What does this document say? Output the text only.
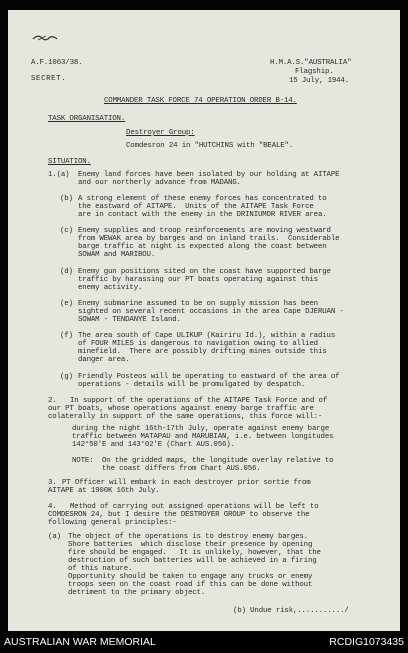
A.F.1063/38.
SECRET.
H.M.A.S."AUSTRALIA"
Flagship.
15 July, 1944.
COMMANDER TASK FORCE 74 OPERATION ORDER B-14.
TASK ORGANISATION.
Destroyer Group:
Comdesron 24 in "HUTCHINS with "BEALE".
SITUATION.
1.(a) Enemy land forces have been isolated by our holding at AITAPE
and our northerly advance from MADANG.
(b) A strong element of these enemy forces has concentrated to
the eastward of AITAPE.  Units of the AITAPE Task Force
are in contact with the enemy in the DRINIUMOR RIVER area.
(c) Enemy supplies and troop reinforcements are moving westward
from WEWAK area by barges and on inland trails.  Considerable
barge traffic at night is expected along the coast between
SOWAM and MARIBOU.
(d) Enemy gun positions sited on the coast have supported barge
traffic by harassing our PT boats operating against this
enemy activity.
(e) Enemy submarine assumed to be on supply mission has been
sighted on several recent occasions in the area Cape DJERUAN -
SOWAM - TENDANYE Island.
(f) The area south of Cape ULIKUP (Kairiru Id.), within a radius
of FOUR MILES is dangerous to navigation owing to allied
minefield.  There are possibly drifting mines outside this
danger area.
(g) Friendly Posteos will be operating to eastward of the area of
operations - details will be promulgated by despatch.
2. In support of the operations of the AITAPE Task Force and of
our PT boats, whose operations against enemy barge traffic are
colaterally in support of the same operations, this force will:-
during the night 16th-17th July, operate against enemy barge
traffic between MATAPAU and MARUBIAN, i.e. between longitudes
142°50'E and 143°02'E (Chart AUS.056).
NOTE:  On the gridded maps, the longitude overlay relative to
the coast differs from Chart AUS.056.
3. PT Officer will embark in each destroyer prior sortie from
AITAPE at 1900K 16th July.
4. Method of carrying out assigned operations will be left to
COMDESRON 24, but I desire the DESTROYER GROUP to observe the
following general principles:-
(a) The object of the operations is to destroy enemy barges.
Shore batteries  which disclose their presence by opening
fire should be engaged.   It is unlikely, however, that the
destruction of such batteries will be achieved in a firing
of this nature.
Opportunity should be taken to engage any trucks or enemy
troops seen on the coast road if this can be done without
detriment to the primary object.
(b) Undue risk,.........../
AUSTRALIAN WAR MEMORIAL	RCDIG1073435
